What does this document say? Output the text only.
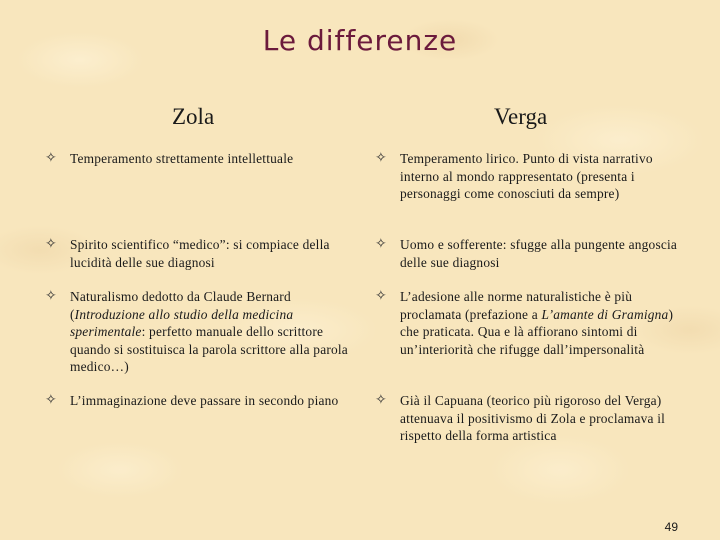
Le differenze
Zola	Verga
✧ Temperamento strettamente intellettuale
✧ Spirito scientifico “medico”: si compiace della lucidità delle sue diagnosi
✧ Naturalismo dedotto da Claude Bernard (Introduzione allo studio della medicina sperimentale: perfetto manuale dello scrittore quando si sostituisca la parola scrittore alla parola medico…)
✧ L’immaginazione deve passare in secondo piano
✧ Temperamento lirico. Punto di vista narrativo interno al mondo rappresentato (presenta i personaggi come conosciuti da sempre)
✧ Uomo e sofferente: sfugge alla pungente angoscia delle sue diagnosi
✧ L’adesione alle norme naturalistiche è più proclamata (prefazione a L’amante di Gramigna) che praticata. Qua e là affiorano sintomi di un’interiorità che rifugge dall’impersonalità
✧ Già il Capuana (teorico più rigoroso del Verga) attenuava il positivismo di Zola e proclamava il rispetto della forma artistica
49
